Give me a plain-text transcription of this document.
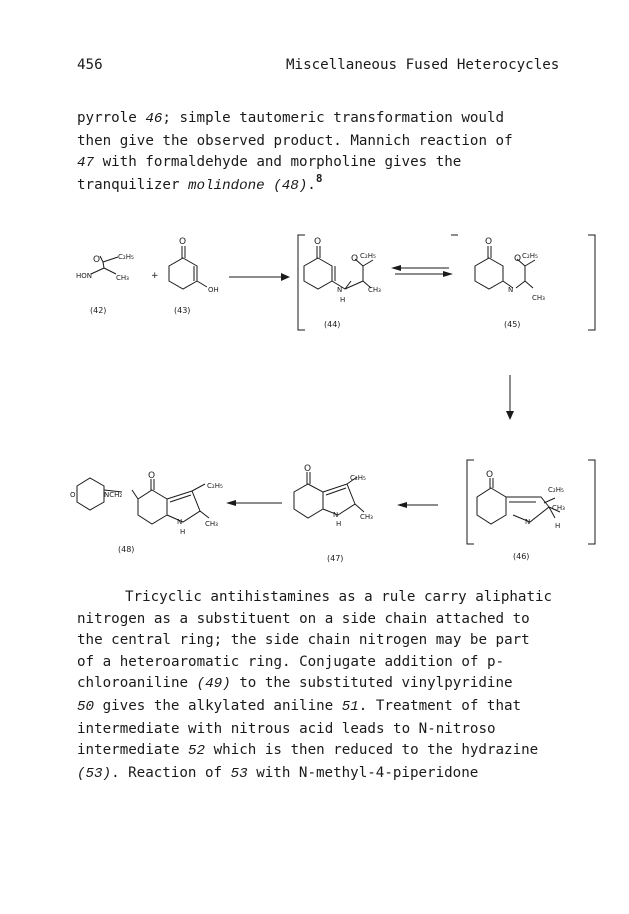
456	Miscellaneous Fused Heterocycles
pyrrole 46; simple tautomeric transformation would
then give the observed product. Mannich reaction of
47 with formaldehyde and morpholine gives the
tranquilizer molindone (48).$^8$
O	C₂H₅
HON	CH₃ +
O
OH
O
O C₂H₅
N
H
CH₃
O
O C₂H₅
N
CH₃
O
C₂H₅
CH₃
N	H
O
C₂H₅
N
H
CH₃
O	NCH₂
O
C₂H₅
N
H
CH₃
(42)	(43)
(44)	(45)
(46)
(47)
(48)
Tricyclic antihistamines as a rule carry aliphatic
nitrogen as a substituent on a side chain attached to
the central ring; the side chain nitrogen may be part
of a heteroaromatic ring. Conjugate addition of p-
chloroaniline (49) to the substituted vinylpyridine
50 gives the alkylated aniline 51. Treatment of that
intermediate with nitrous acid leads to N-nitroso
intermediate 52 which is then reduced to the hydrazine
(53). Reaction of 53 with N-methyl-4-piperidone
